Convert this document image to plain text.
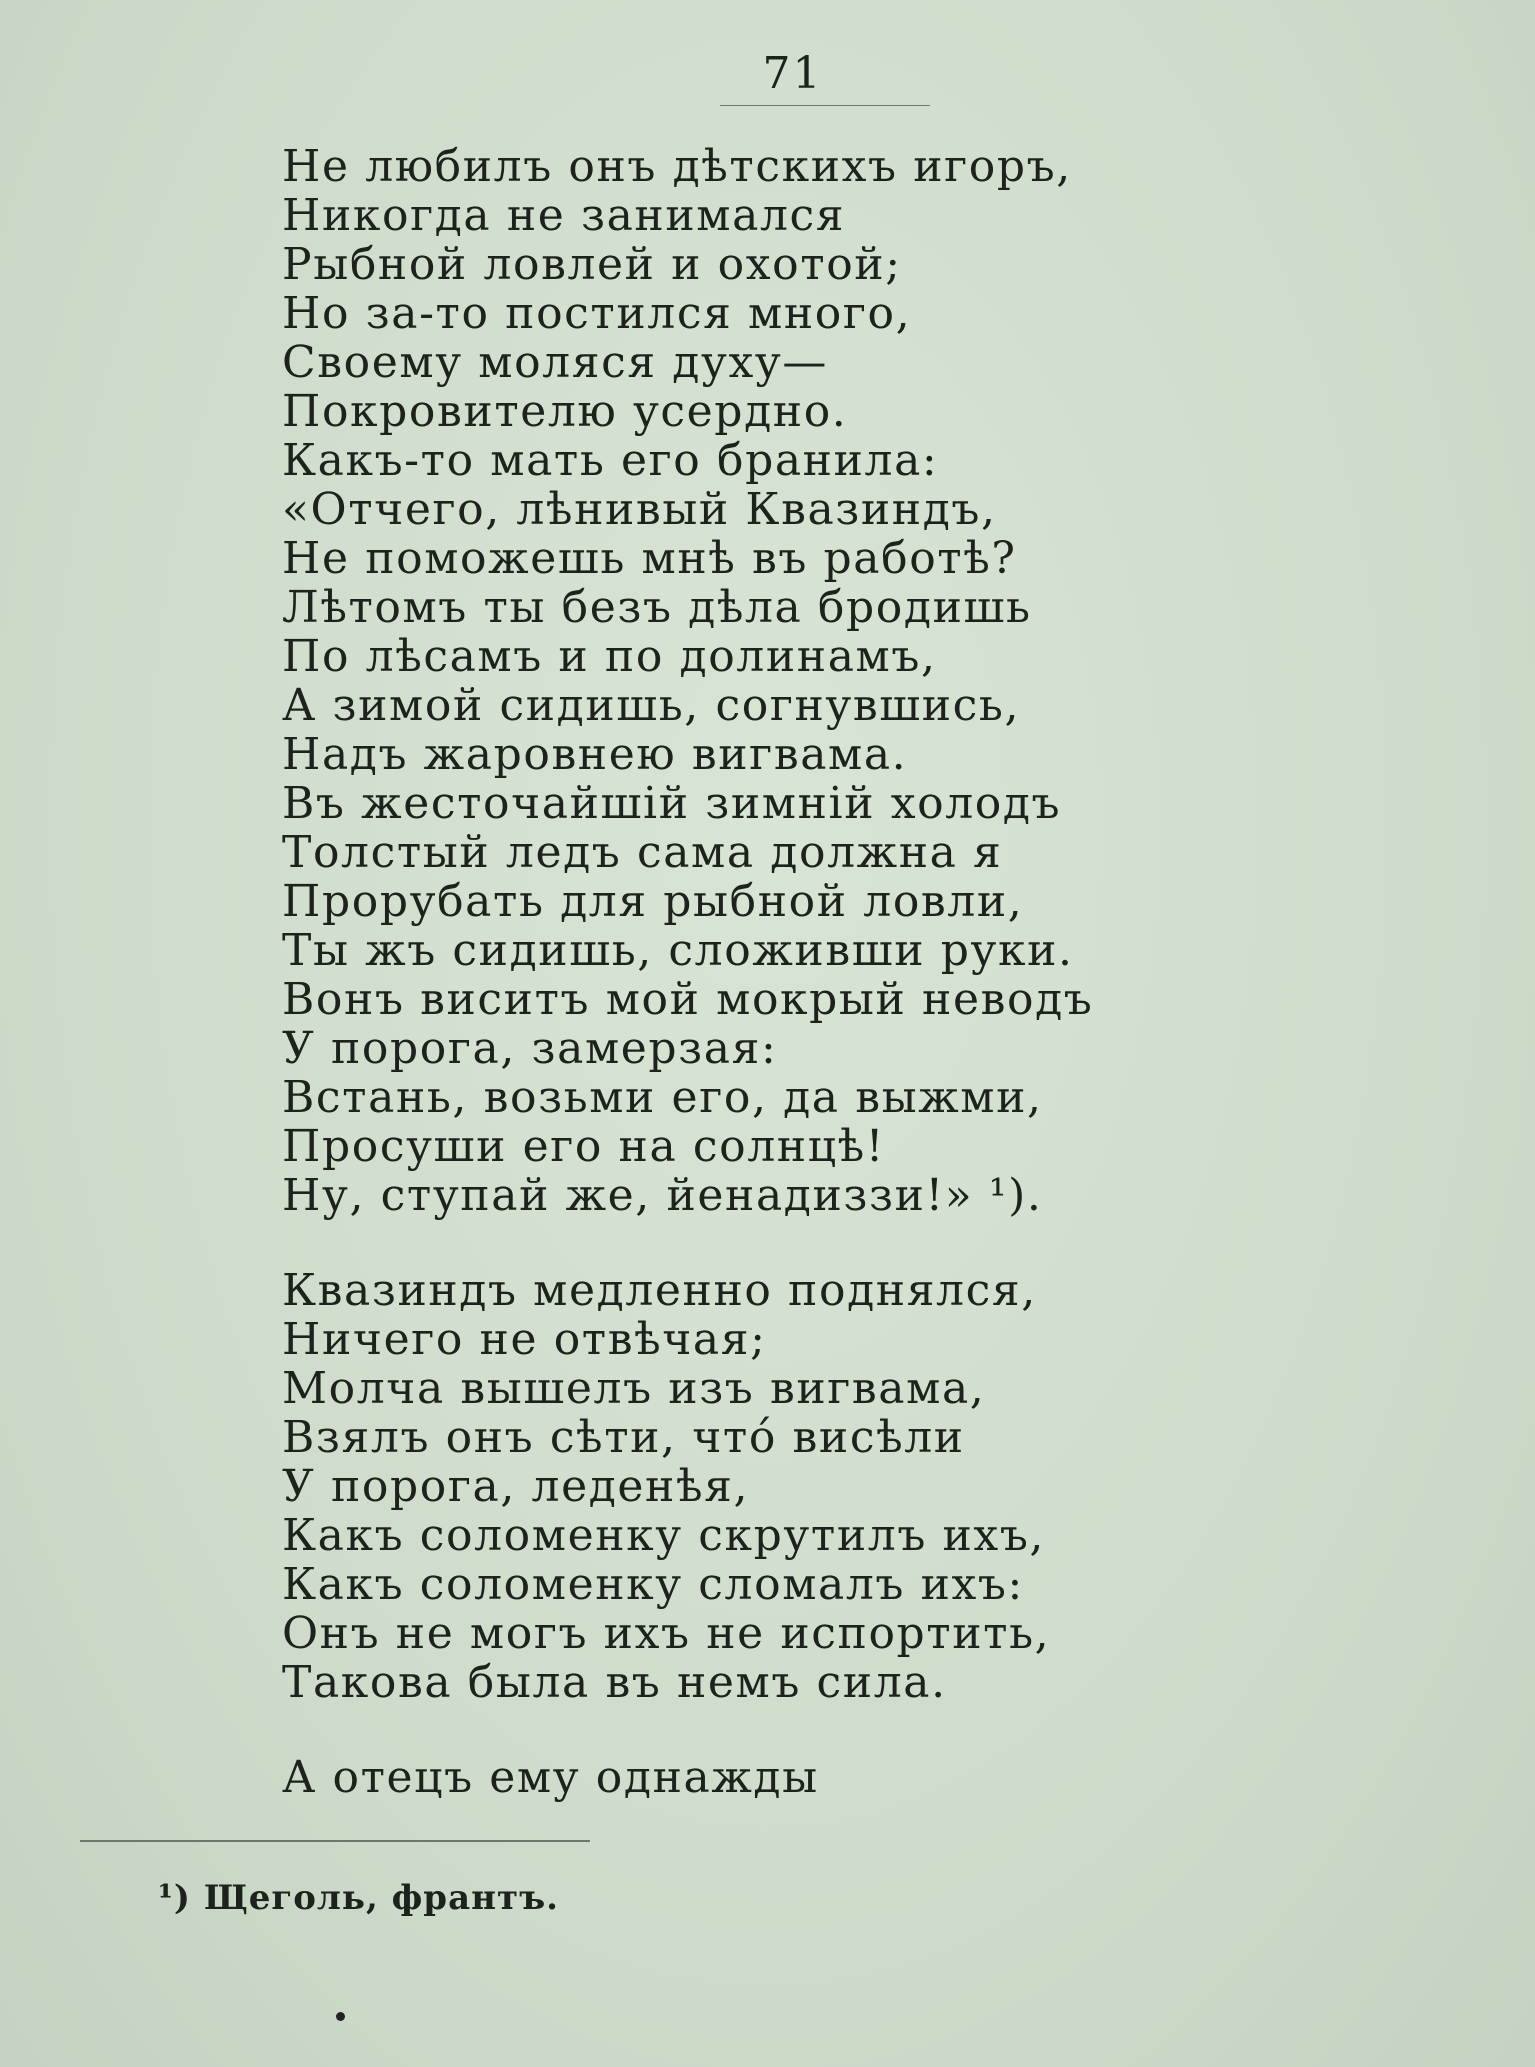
71
Не любилъ онъ дѣтскихъ игоръ,
Никогда не занимался
Рыбной ловлей и охотой;
Но за-то постился много,
Своему моляся духу—
Покровителю усердно.
Какъ-то мать его бранила:
«Отчего, лѣнивый Квазиндъ,
Не поможешь мнѣ въ работѣ?
Лѣтомъ ты безъ дѣла бродишь
По лѣсамъ и по долинамъ,
А зимой сидишь, согнувшись,
Надъ жаровнею вигвама.
Въ жесточайшій зимній холодъ
Толстый ледъ сама должна я
Прорубать для рыбной ловли,
Ты жъ сидишь, сложивши руки.
Вонъ виситъ мой мокрый неводъ
У порога, замерзая:
Встань, возьми его, да выжми,
Просуши его на солнцѣ!
Ну, ступай же, йенадиззи!» ¹).
Квазиндъ медленно поднялся,
Ничего не отвѣчая;
Молча вышелъ изъ вигвама,
Взялъ онъ сѣти, чтó висѣли
У порога, леденѣя,
Какъ соломенку скрутилъ ихъ,
Какъ соломенку сломалъ ихъ:
Онъ не могъ ихъ не испортить,
Такова была въ немъ сила.
А отецъ ему однажды
¹) Щеголь, франтъ.
